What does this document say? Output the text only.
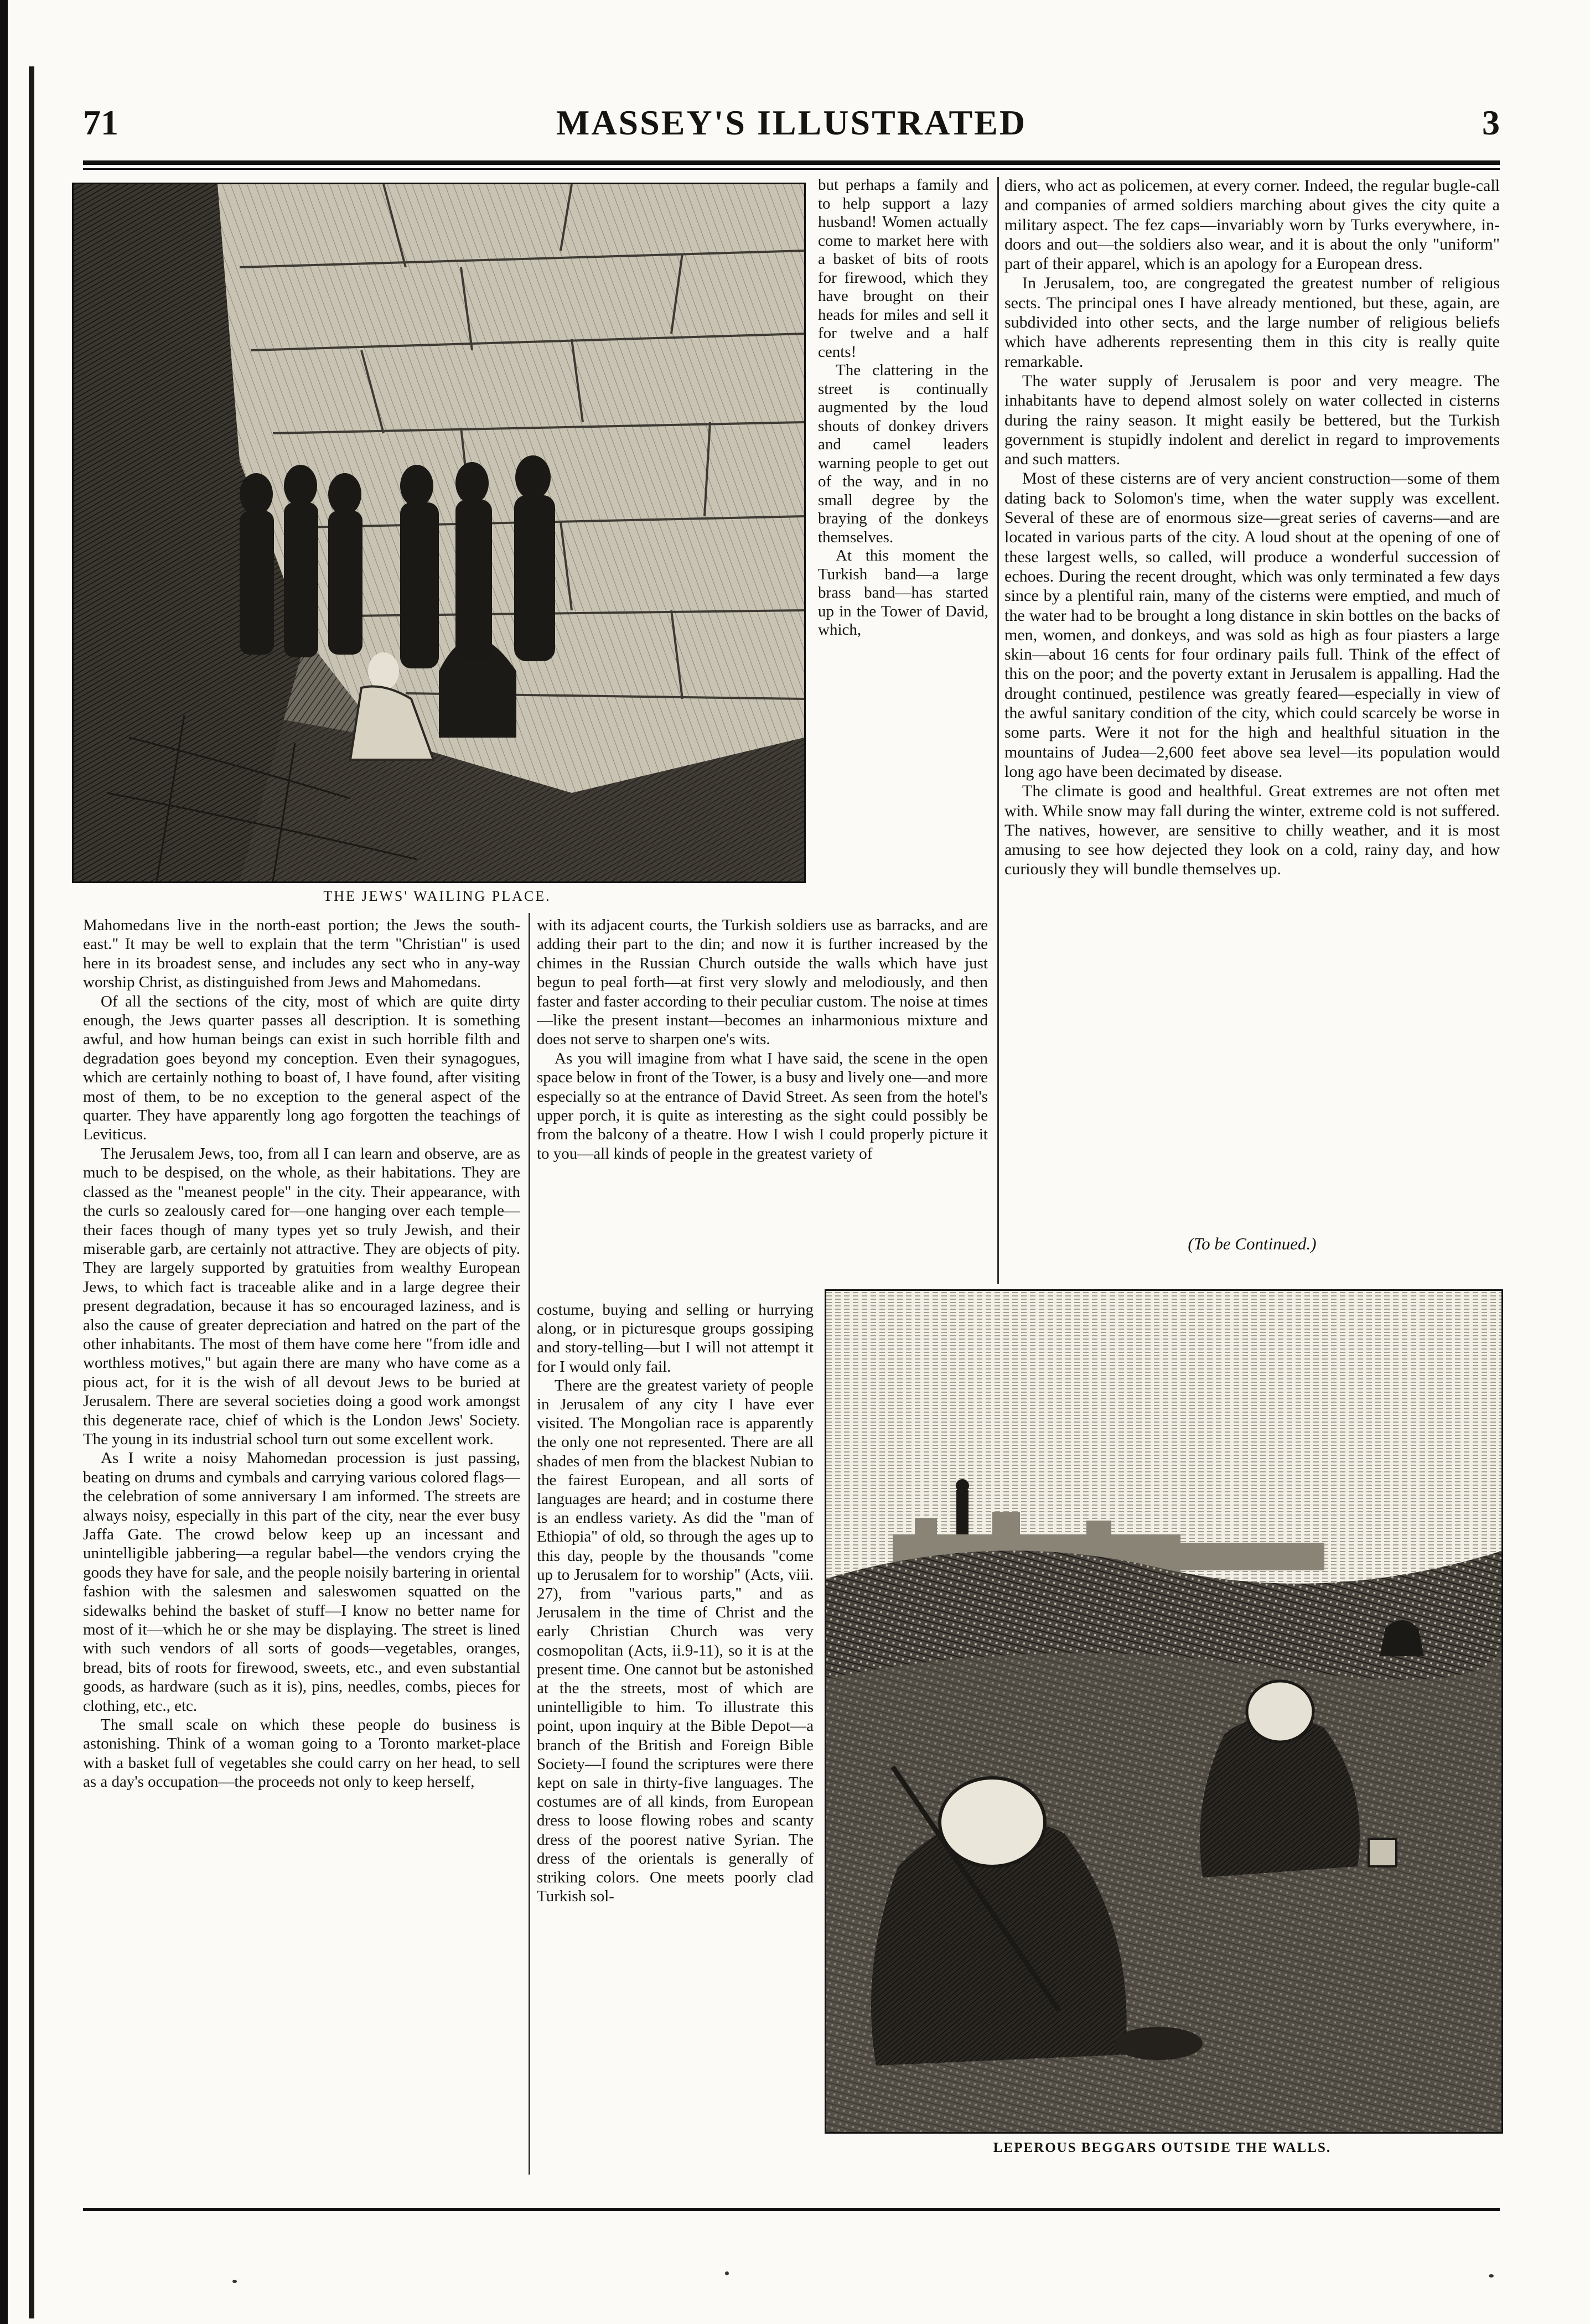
71	MASSEY'S ILLUSTRATED	3
THE JEWS' WAILING PLACE.

but perhaps a family and to help support a lazy husband! Women actually come to market here with a basket of bits of roots for firewood, which they have brought on their heads for miles and sell it for twelve and a half cents!

The clattering in the street is continually augmented by the loud shouts of donkey drivers and camel leaders warning people to get out of the way, and in no small degree by the braying of the donkeys themselves.

At this moment the Turkish band—a large brass band—has started up in the Tower of David, which,

Mahomedans live in the north-east portion; the Jews the south-east." It may be well to explain that the term "Christian" is used here in its broadest sense, and includes any sect who in any-way worship Christ, as distinguished from Jews and Mahomedans.

Of all the sections of the city, most of which are quite dirty enough, the Jews quarter passes all description. It is something awful, and how human beings can exist in such horrible filth and degradation goes beyond my conception. Even their synagogues, which are certainly nothing to boast of, I have found, after visiting most of them, to be no exception to the general aspect of the quarter. They have apparently long ago forgotten the teachings of Leviticus.

The Jerusalem Jews, too, from all I can learn and observe, are as much to be despised, on the whole, as their habitations. They are classed as the "meanest people" in the city. Their appearance, with the curls so zealously cared for—one hanging over each temple—their faces though of many types yet so truly Jewish, and their miserable garb, are certainly not attractive. They are objects of pity. They are largely supported by gratuities from wealthy European Jews, to which fact is traceable alike and in a large degree their present degradation, because it has so encouraged laziness, and is also the cause of greater depreciation and hatred on the part of the other inhabitants. The most of them have come here "from idle and worthless motives," but again there are many who have come as a pious act, for it is the wish of all devout Jews to be buried at Jerusalem. There are several societies doing a good work amongst this degenerate race, chief of which is the London Jews' Society. The young in its industrial school turn out some excellent work.

As I write a noisy Mahomedan procession is just passing, beating on drums and cymbals and carrying various colored flags—the celebration of some anniversary I am informed. The streets are always noisy, especially in this part of the city, near the ever busy Jaffa Gate. The crowd below keep up an incessant and unintelligible jabbering—a regular babel—the vendors crying the goods they have for sale, and the people noisily bartering in oriental fashion with the salesmen and saleswomen squatted on the sidewalks behind the basket of stuff—I know no better name for most of it—which he or she may be displaying. The street is lined with such vendors of all sorts of goods—vegetables, oranges, bread, bits of roots for firewood, sweets, etc., and even substantial goods, as hardware (such as it is), pins, needles, combs, pieces for clothing, etc., etc.

The small scale on which these people do business is astonishing. Think of a woman going to a Toronto market-place with a basket full of vegetables she could carry on her head, to sell as a day's occupation—the proceeds not only to keep herself,

with its adjacent courts, the Turkish soldiers use as barracks, and are adding their part to the din; and now it is further increased by the chimes in the Russian Church outside the walls which have just begun to peal forth—at first very slowly and melodiously, and then faster and faster according to their peculiar custom. The noise at times—like the present instant—becomes an inharmonious mixture and does not serve to sharpen one's wits.

As you will imagine from what I have said, the scene in the open space below in front of the Tower, is a busy and lively one—and more especially so at the entrance of David Street. As seen from the hotel's upper porch, it is quite as interesting as the sight could possibly be from the balcony of a theatre. How I wish I could properly picture it to you—all kinds of people in the greatest variety of

costume, buying and selling or hurrying along, or in picturesque groups gossiping and story-telling—but I will not attempt it for I would only fail.

There are the greatest variety of people in Jerusalem of any city I have ever visited. The Mongolian race is apparently the only one not represented. There are all shades of men from the blackest Nubian to the fairest European, and all sorts of languages are heard; and in costume there is an endless variety. As did the "man of Ethiopia" of old, so through the ages up to this day, people by the thousands "come up to Jerusalem for to worship" (Acts, viii. 27), from "various parts," and as Jerusalem in the time of Christ and the early Christian Church was very cosmopolitan (Acts, ii.9-11), so it is at the present time. One cannot but be astonished at the the streets, most of which are unintelligible to him. To illustrate this point, upon inquiry at the Bible Depot—a branch of the British and Foreign Bible Society—I found the scriptures were there kept on sale in thirty-five languages. The costumes are of all kinds, from European dress to loose flowing robes and scanty dress of the poorest native Syrian. The dress of the orientals is generally of striking colors. One meets poorly clad Turkish sol-

diers, who act as policemen, at every corner. Indeed, the regular bugle-call and companies of armed soldiers marching about gives the city quite a military aspect. The fez caps—invariably worn by Turks everywhere, in-doors and out—the soldiers also wear, and it is about the only "uniform" part of their apparel, which is an apology for a European dress.

In Jerusalem, too, are congregated the greatest number of religious sects. The principal ones I have already mentioned, but these, again, are subdivided into other sects, and the large number of religious beliefs which have adherents representing them in this city is really quite remarkable.

The water supply of Jerusalem is poor and very meagre. The inhabitants have to depend almost solely on water collected in cisterns during the rainy season. It might easily be bettered, but the Turkish government is stupidly indolent and derelict in regard to improvements and such matters.

Most of these cisterns are of very ancient construction—some of them dating back to Solomon's time, when the water supply was excellent. Several of these are of enormous size—great series of caverns—and are located in various parts of the city. A loud shout at the opening of one of these largest wells, so called, will produce a wonderful succession of echoes. During the recent drought, which was only terminated a few days since by a plentiful rain, many of the cisterns were emptied, and much of the water had to be brought a long distance in skin bottles on the backs of men, women, and donkeys, and was sold as high as four piasters a large skin—about 16 cents for four ordinary pails full. Think of the effect of this on the poor; and the poverty extant in Jerusalem is appalling. Had the drought continued, pestilence was greatly feared—especially in view of the awful sanitary condition of the city, which could scarcely be worse in some parts. Were it not for the high and healthful situation in the mountains of Judea—2,600 feet above sea level—its population would long ago have been decimated by disease.

The climate is good and healthful. Great extremes are not often met with. While snow may fall during the winter, extreme cold is not suffered. The natives, however, are sensitive to chilly weather, and it is most amusing to see how dejected they look on a cold, rainy day, and how curiously they will bundle themselves up.

(To be Continued.)
LEPEROUS BEGGARS OUTSIDE THE WALLS.
